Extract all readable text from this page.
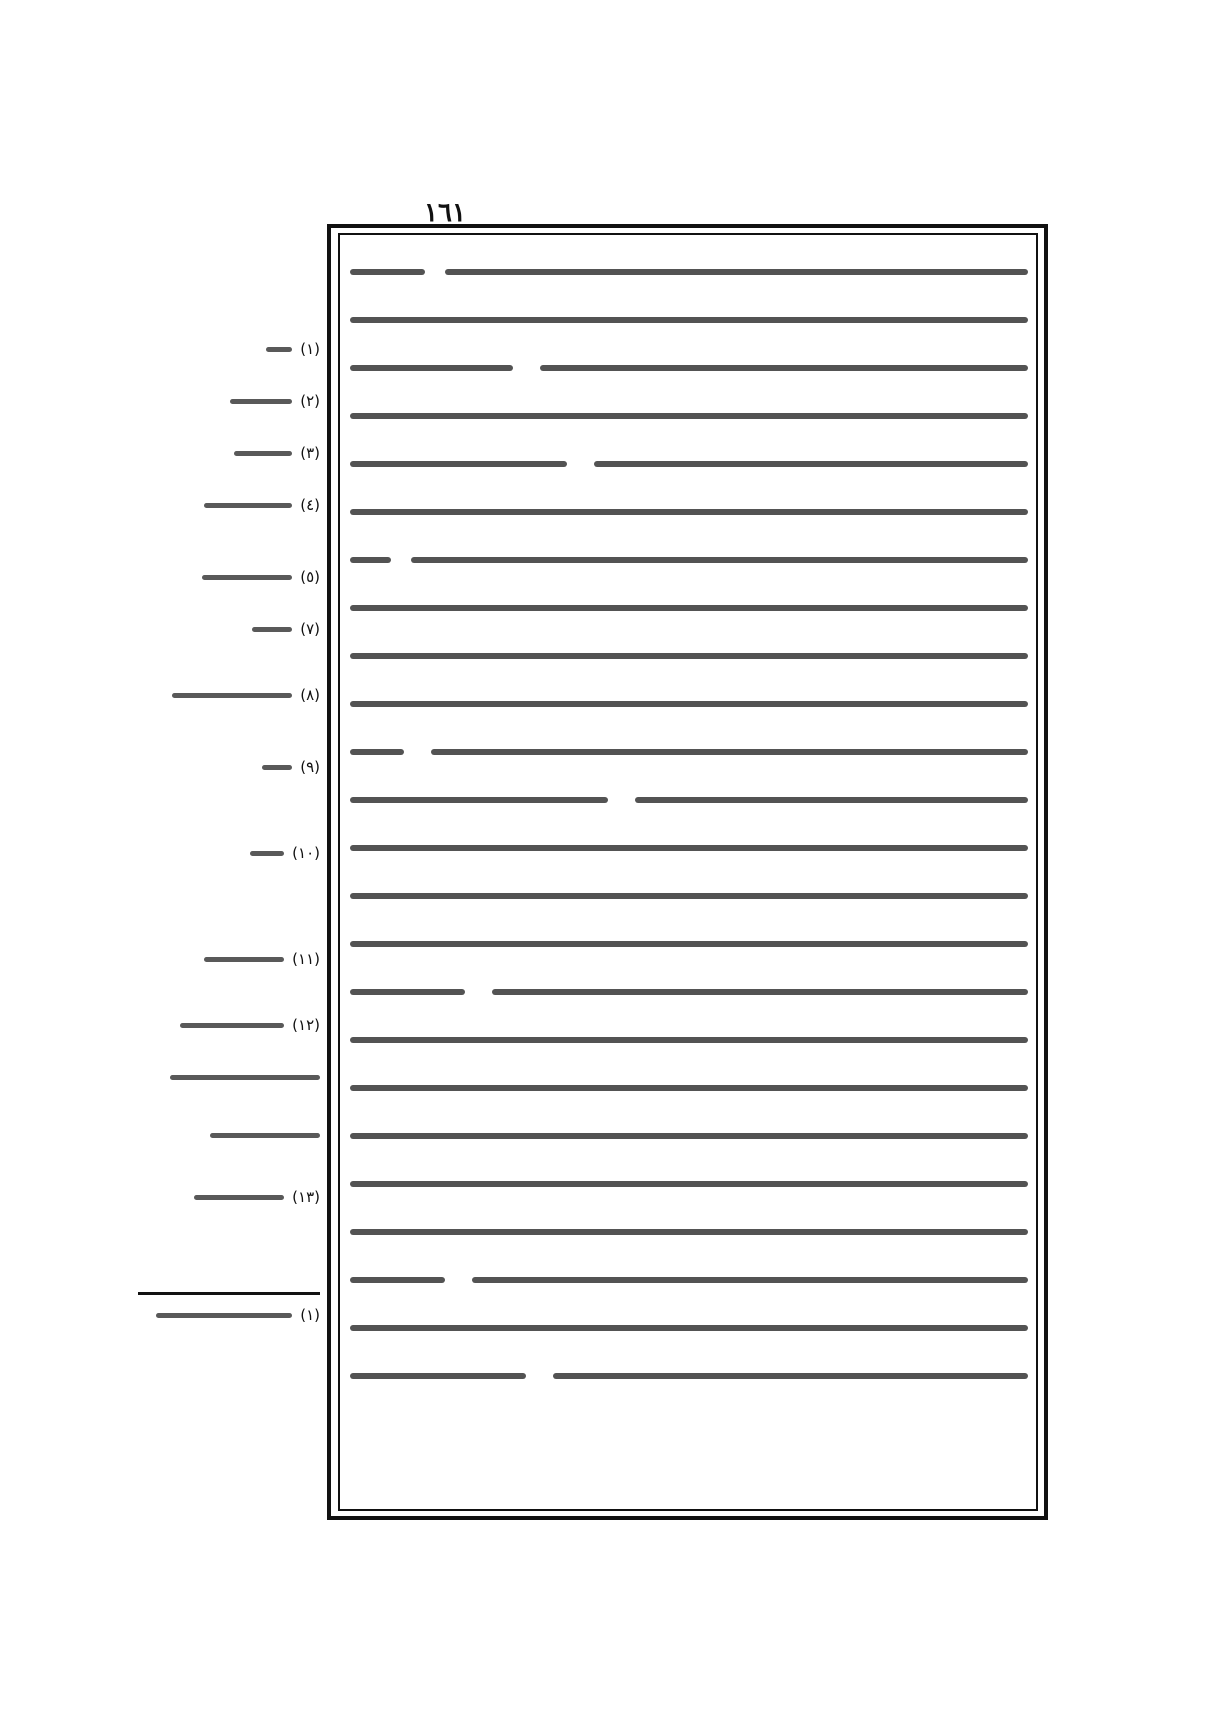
١٦١
(١)
(٢)
(٣)
(٤)
(٥)
(٧)
(٨)
(٩)
(١٠)
(١١)
(١٢)
(١٣)
(١)
